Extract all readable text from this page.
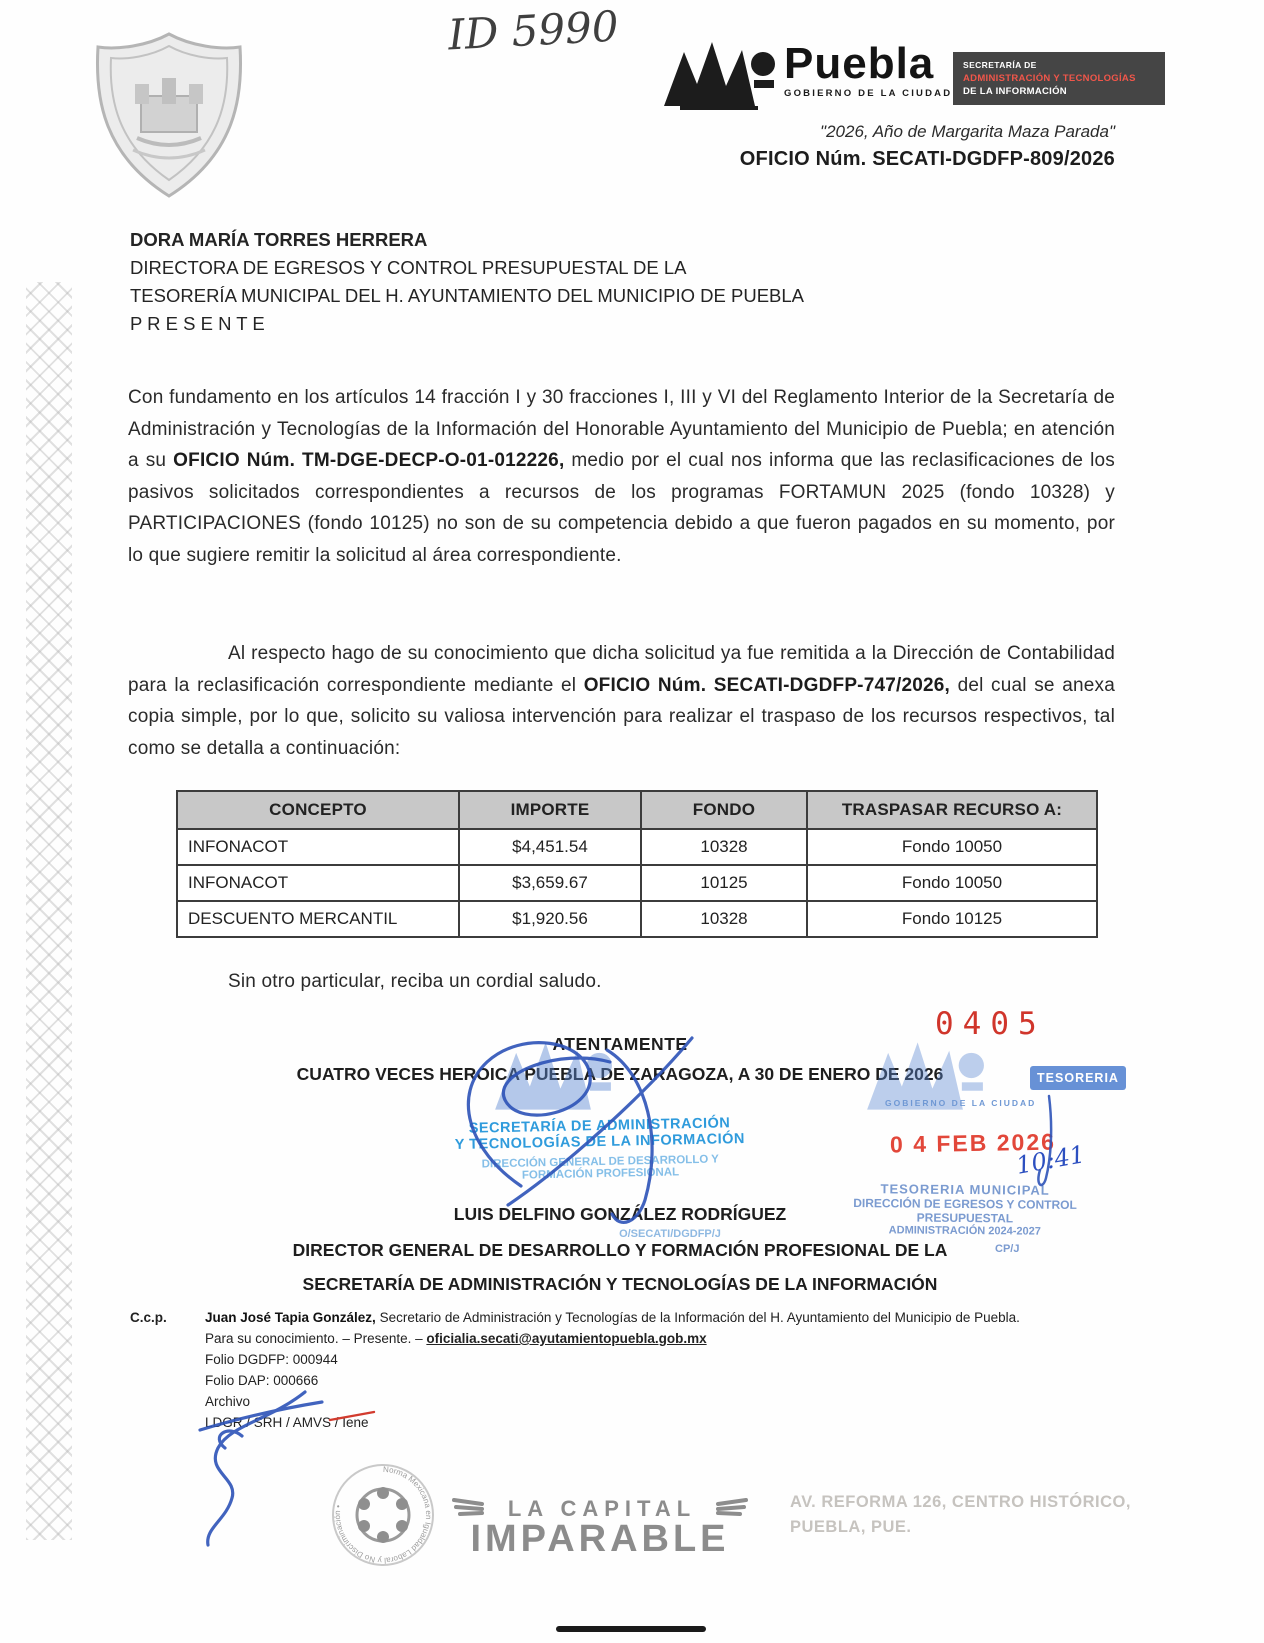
ID 5990
Puebla
GOBIERNO DE LA CIUDAD
SECRETARÍA DE
ADMINISTRACIÓN Y TECNOLOGÍAS
DE LA INFORMACIÓN
"2026, Año de Margarita Maza Parada"
OFICIO Núm. SECATI-DGDFP-809/2026
DORA MARÍA TORRES HERRERA
DIRECTORA DE EGRESOS Y CONTROL PRESUPUESTAL DE LA
TESORERÍA MUNICIPAL DEL H. AYUNTAMIENTO DEL MUNICIPIO DE PUEBLA
P R E S E N T E
Con fundamento en los artículos 14 fracción I y 30 fracciones I, III y VI del Reglamento Interior de la Secretaría de Administración y Tecnologías de la Información del Honorable Ayuntamiento del Municipio de Puebla; en atención a su OFICIO Núm. TM-DGE-DECP-O-01-012226, medio por el cual nos informa que las reclasificaciones de los pasivos solicitados correspondientes a recursos de los programas FORTAMUN 2025 (fondo 10328) y PARTICIPACIONES (fondo 10125) no son de su competencia debido a que fueron pagados en su momento, por lo que sugiere remitir la solicitud al área correspondiente.
Al respecto hago de su conocimiento que dicha solicitud ya fue remitida a la Dirección de Contabilidad para la reclasificación correspondiente mediante el OFICIO Núm. SECATI-DGDFP-747/2026, del cual se anexa copia simple, por lo que, solicito su valiosa intervención para realizar el traspaso de los recursos respectivos, tal como se detalla a continuación:
CONCEPTO	IMPORTE	FONDO	TRASPASAR RECURSO A:
INFONACOT	$4,451.54	10328	Fondo 10050
INFONACOT	$3,659.67	10125	Fondo 10050
DESCUENTO MERCANTIL	$1,920.56	10328	Fondo 10125
Sin otro particular, reciba un cordial saludo.
ATENTAMENTE
CUATRO VECES HEROICA PUEBLA DE ZARAGOZA, A 30 DE ENERO DE 2026
GOBIERNO DE LA CIUDAD
TESORERIA
0405
0 4 FEB 2026
10:41
SECRETARÍA DE ADMINISTRACIÓN
Y TECNOLOGÍAS DE LA INFORMACIÓN
DIRECCIÓN GENERAL DE DESARROLLO Y
FORMACIÓN PROFESIONAL
O/SECATI/DGDFP/J
TESORERIA MUNICIPAL
DIRECCIÓN DE EGRESOS Y CONTROL
PRESUPUESTAL
ADMINISTRACIÓN 2024-2027
CP/J
LUIS DELFINO GONZÁLEZ RODRÍGUEZ
DIRECTOR GENERAL DE DESARROLLO Y FORMACIÓN PROFESIONAL DE LA
SECRETARÍA DE ADMINISTRACIÓN Y TECNOLOGÍAS DE LA INFORMACIÓN
C.c.p.	Juan José Tapia González, Secretario de Administración y Tecnologías de la Información del H. Ayuntamiento del Municipio de Puebla.
Para su conocimiento. – Presente. – oficialia.secati@ayutamientopuebla.gob.mx
Folio DGDFP: 000944
Folio DAP: 000666
Archivo
LDGR / SRH / AMVS / Iene
Norma Mexicana en Igualdad Laboral y No Discriminación •	LA CAPITAL
IMPARABLE
AV. REFORMA 126, CENTRO HISTÓRICO,
PUEBLA, PUE.
